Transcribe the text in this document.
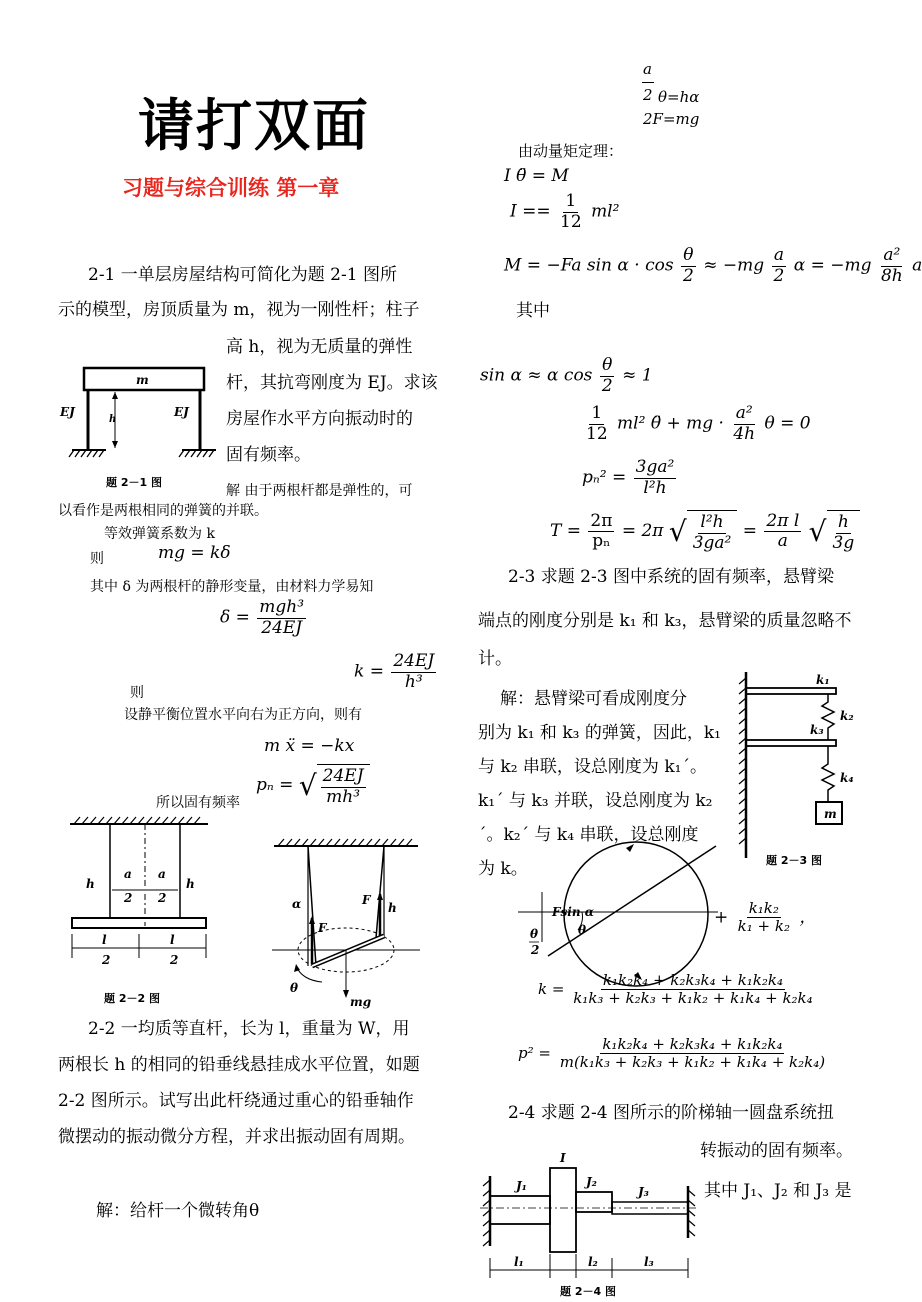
请打双面
习题与综合训练 第一章
2-1 一单层房屋结构可简化为题 2-1 图所
示的模型，房顶质量为 m，视为一刚性杆；柱子
高 h，视为无质量的弹性
杆，其抗弯刚度为 EJ。求该
房屋作水平方向振动时的
固有频率。
m
EJ	EJ
h
题 2－1 图
解 由于两根杆都是弹性的，可
以看作是两根相同的弹簧的并联。
等效弹簧系数为 k
则	mg = kδ
其中 δ 为两根杆的静形变量，由材料力学易知
$\delta = \frac{\text{mgh³}}{24EJ}$
则
$k = \frac{24EJ}{\text{h³}}$
设静平衡位置水平向右为正方向，则有
m ẍ = −kx
所以固有频率
pₙ = √ $\frac{24EJ}{\text{mh³}}$
h	h
a
2
a
2
l
2
l
2
α
F
F
h
θ
mg
题 2－2 图
2-2 一均质等直杆，长为 l，重量为 W，用
两根长 h 的相同的铅垂线悬挂成水平位置，如题
2-2 图所示。试写出此杆绕通过重心的铅垂轴作
微摆动的振动微分方程，并求出振动固有周期。
解：给杆一个微转角θ
a
2 θ=hα
2F=mg
由动量矩定理：
I θ̈ = M
$I == \frac{1}{12} ml^2$
M = −Fa $\sin \alpha \cdot \cos \frac{\theta}{2} \approx -mg \frac{a}{2}$ $\alpha = -mg \frac{\text{a²}}{8h}$ a
其中
sin α ≈ α $\cos \frac{\theta}{2} \approx 1$
$\frac{1}{12} ml^2$ θ̈ + mg · $\frac{\text{a²}}{4h}$ θ = 0
$p_n^2 = \frac{\text{3ga²}}{\text{l²h}}$
$T = \frac{2\pi}{\text{pₙ}} = 2\pi$ √ $\frac{\text{l²h}}{\text{3ga²}} = \frac{\text{2π l}}{a}$
√ $\frac{h}{3g}$
2-3 求题 2-3 图中系统的固有频率，悬臂梁
端点的刚度分别是 k₁ 和 k₃，悬臂梁的质量忽略不
计。
解：悬臂梁可看成刚度分
别为 k₁ 和 k₃ 的弹簧，因此，k₁
与 k₂ 串联，设总刚度为 k₁´。
k₁´ 与 k₃ 并联，设总刚度为 k₂
´。k₂´ 与 k₄ 串联，设总刚度
为 k。
k₁
k₂
k₃
k₄
m
题 2－3 图
Fsin α
θ
θ
2
+ $\frac{\text{k₁k₂}}{\text{k₁ + k₂}}$ ，
$k = \frac{\text{k₁k₂k₄ + k₂k₃k₄ + k₁k₂k₄}}{\text{k₁k₃ + k₂k₃ + k₁k₂ + k₁k₄ + k₂k₄}}$
$p^2 = \frac{\text{k₁k₂k₄ + k₂k₃k₄ + k₁k₂k₄}}{\text{m(k₁k₃ + k₂k₃ + k₁k₂ + k₁k₄ + k₂k₄)}}$
2-4 求题 2-4 图所示的阶梯轴一圆盘系统扭
转振动的固有频率。
其中 J₁、J₂ 和 J₃ 是
I
J₁	J₂
J₃
l₁	l₂	l₃
题 2－4 图
